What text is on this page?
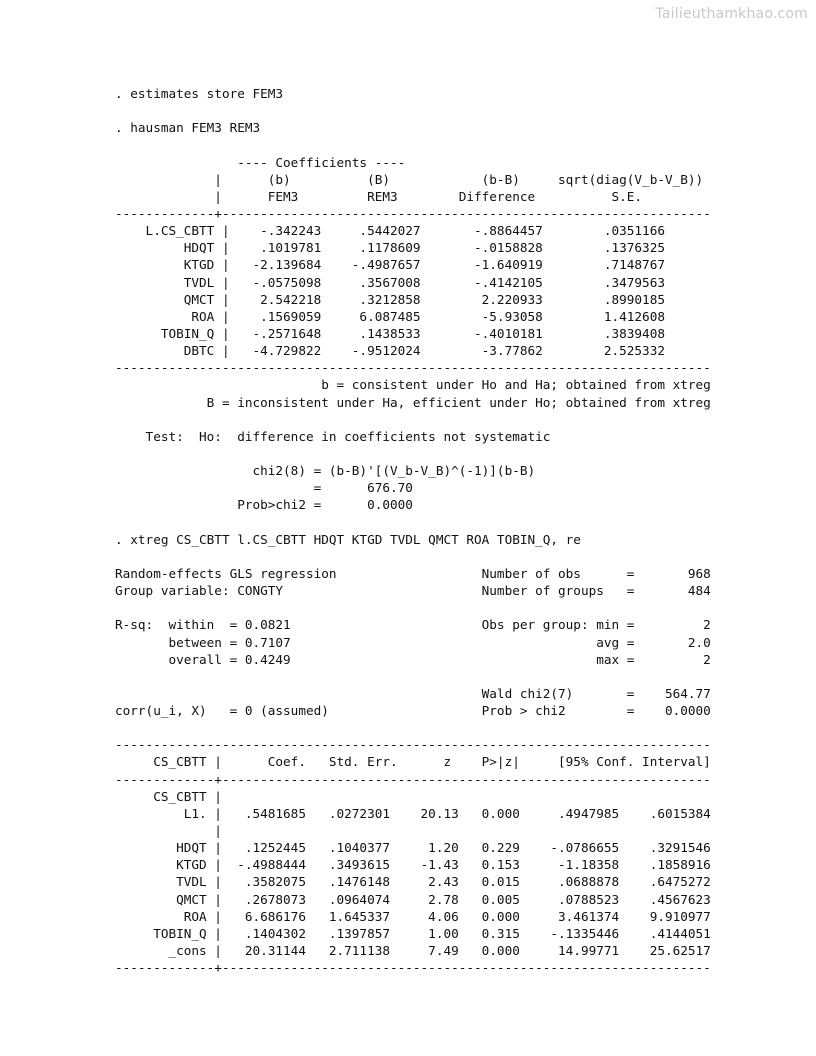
Tailieuthamkhao.com
. estimates store FEM3
. hausman FEM3 REM3
---- Coefficients ----
|      (b)          (B)            (b-B)     sqrt(diag(V_b-V_B))
|      FEM3         REM3        Difference          S.E.
-------------+----------------------------------------------------------------
L.CS_CBTT |    -.342243     .5442027       -.8864457        .0351166
HDQT |    .1019781     .1178609       -.0158828        .1376325
KTGD |   -2.139684    -.4987657       -1.640919        .7148767
TVDL |   -.0575098     .3567008       -.4142105        .3479563
QMCT |    2.542218     .3212858        2.220933        .8990185
ROA |    .1569059     6.087485        -5.93058        1.412608
TOBIN_Q |   -.2571648     .1438533       -.4010181        .3839408
DBTC |   -4.729822    -.9512024        -3.77862        2.525332
------------------------------------------------------------------------------
b = consistent under Ho and Ha; obtained from xtreg
B = inconsistent under Ha, efficient under Ho; obtained from xtreg
Test:  Ho:  difference in coefficients not systematic
chi2(8) = (b-B)'[(V_b-V_B)^(-1)](b-B)
=      676.70
Prob>chi2 =      0.0000
. xtreg CS_CBTT l.CS_CBTT HDQT KTGD TVDL QMCT ROA TOBIN_Q, re
Random-effects GLS regression                   Number of obs      =       968
Group variable: CONGTY                          Number of groups   =       484
R-sq:  within  = 0.0821                         Obs per group: min =         2
between = 0.7107                                        avg =       2.0
overall = 0.4249                                        max =         2
Wald chi2(7)       =    564.77
corr(u_i, X)   = 0 (assumed)                    Prob > chi2        =    0.0000
------------------------------------------------------------------------------
CS_CBTT |      Coef.   Std. Err.      z    P>|z|     [95% Conf. Interval]
-------------+----------------------------------------------------------------
CS_CBTT |
L1. |   .5481685   .0272301    20.13   0.000     .4947985    .6015384
|
HDQT |   .1252445   .1040377     1.20   0.229    -.0786655    .3291546
KTGD |  -.4988444   .3493615    -1.43   0.153     -1.18358    .1858916
TVDL |   .3582075   .1476148     2.43   0.015     .0688878    .6475272
QMCT |   .2678073   .0964074     2.78   0.005     .0788523    .4567623
ROA |   6.686176   1.645337     4.06   0.000     3.461374    9.910977
TOBIN_Q |   .1404302   .1397857     1.00   0.315    -.1335446    .4144051
_cons |   20.31144   2.711138     7.49   0.000     14.99771    25.62517
-------------+----------------------------------------------------------------
